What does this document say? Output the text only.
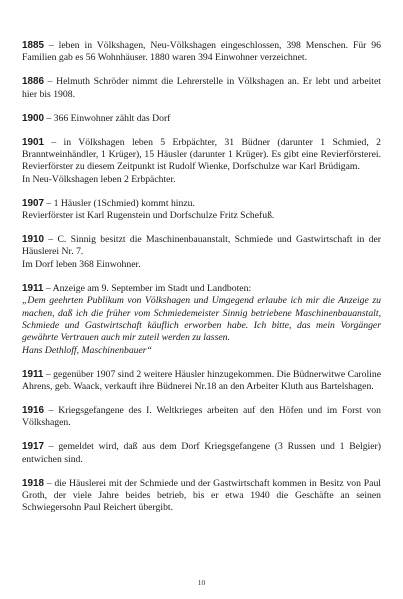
1885 – leben in Völkshagen, Neu-Völkshagen eingeschlossen, 398 Menschen. Für 96 Familien gab es 56 Wohnhäuser. 1880 waren 394 Einwohner verzeichnet.

1886 – Helmuth Schröder nimmt die Lehrerstelle in Völkshagen an. Er lebt und arbeitet hier bis 1908.

1900 – 366 Einwohner zählt das Dorf

1901 – in Völkshagen leben 5 Erbpächter, 31 Büdner (darunter 1 Schmied, 2 Branntweinhändler, 1 Krüger), 15 Häusler (darunter 1 Krüger). Es gibt eine Revierförsterei. Revierförster zu diesem Zeitpunkt ist Rudolf Wienke, Dorfschulze war Karl Brüdigam.

In Neu-Völkshagen leben 2 Erbpächter.

1907 – 1 Häusler (1Schmied) kommt hinzu.

Revierförster ist Karl Rugenstein und Dorfschulze Fritz Schefuß.

1910 – C. Sinnig besitzt die Maschinenbauanstalt, Schmiede und Gastwirtschaft in der Häuslerei Nr. 7.

Im Dorf leben 368 Einwohner.

1911 – Anzeige am 9. September im Stadt und Landboten:

„Dem geehrten Publikum von Völkshagen und Umgegend erlaube ich mir die Anzeige zu machen, daß ich die früher vom Schmiedemeister Sinnig betriebene Maschinenbauanstalt, Schmiede und Gastwirtschaft käuflich erworben habe. Ich bitte, das mein Vorgänger gewährte Vertrauen auch mir zuteil werden zu lassen.

Hans Dethloff, Maschinenbauer“

1911 – gegenüber 1907 sind 2 weitere Häusler hinzugekommen. Die Büdnerwitwe Caroline Ahrens, geb. Waack, verkauft ihre Büdnerei Nr.18 an den Arbeiter Kluth aus Bartelshagen.

1916 – Kriegsgefangene des I. Weltkrieges arbeiten auf den Höfen und im Forst von Völkshagen.

1917 – gemeldet wird, daß aus dem Dorf Kriegsgefangene (3 Russen und 1 Belgier) entwichen sind.

1918 – die Häuslerei mit der Schmiede und der Gastwirtschaft kommen in Besitz von Paul Groth, der viele Jahre beides betrieb, bis er etwa 1940 die Geschäfte an seinen Schwiegersohn Paul Reichert übergibt.

10
